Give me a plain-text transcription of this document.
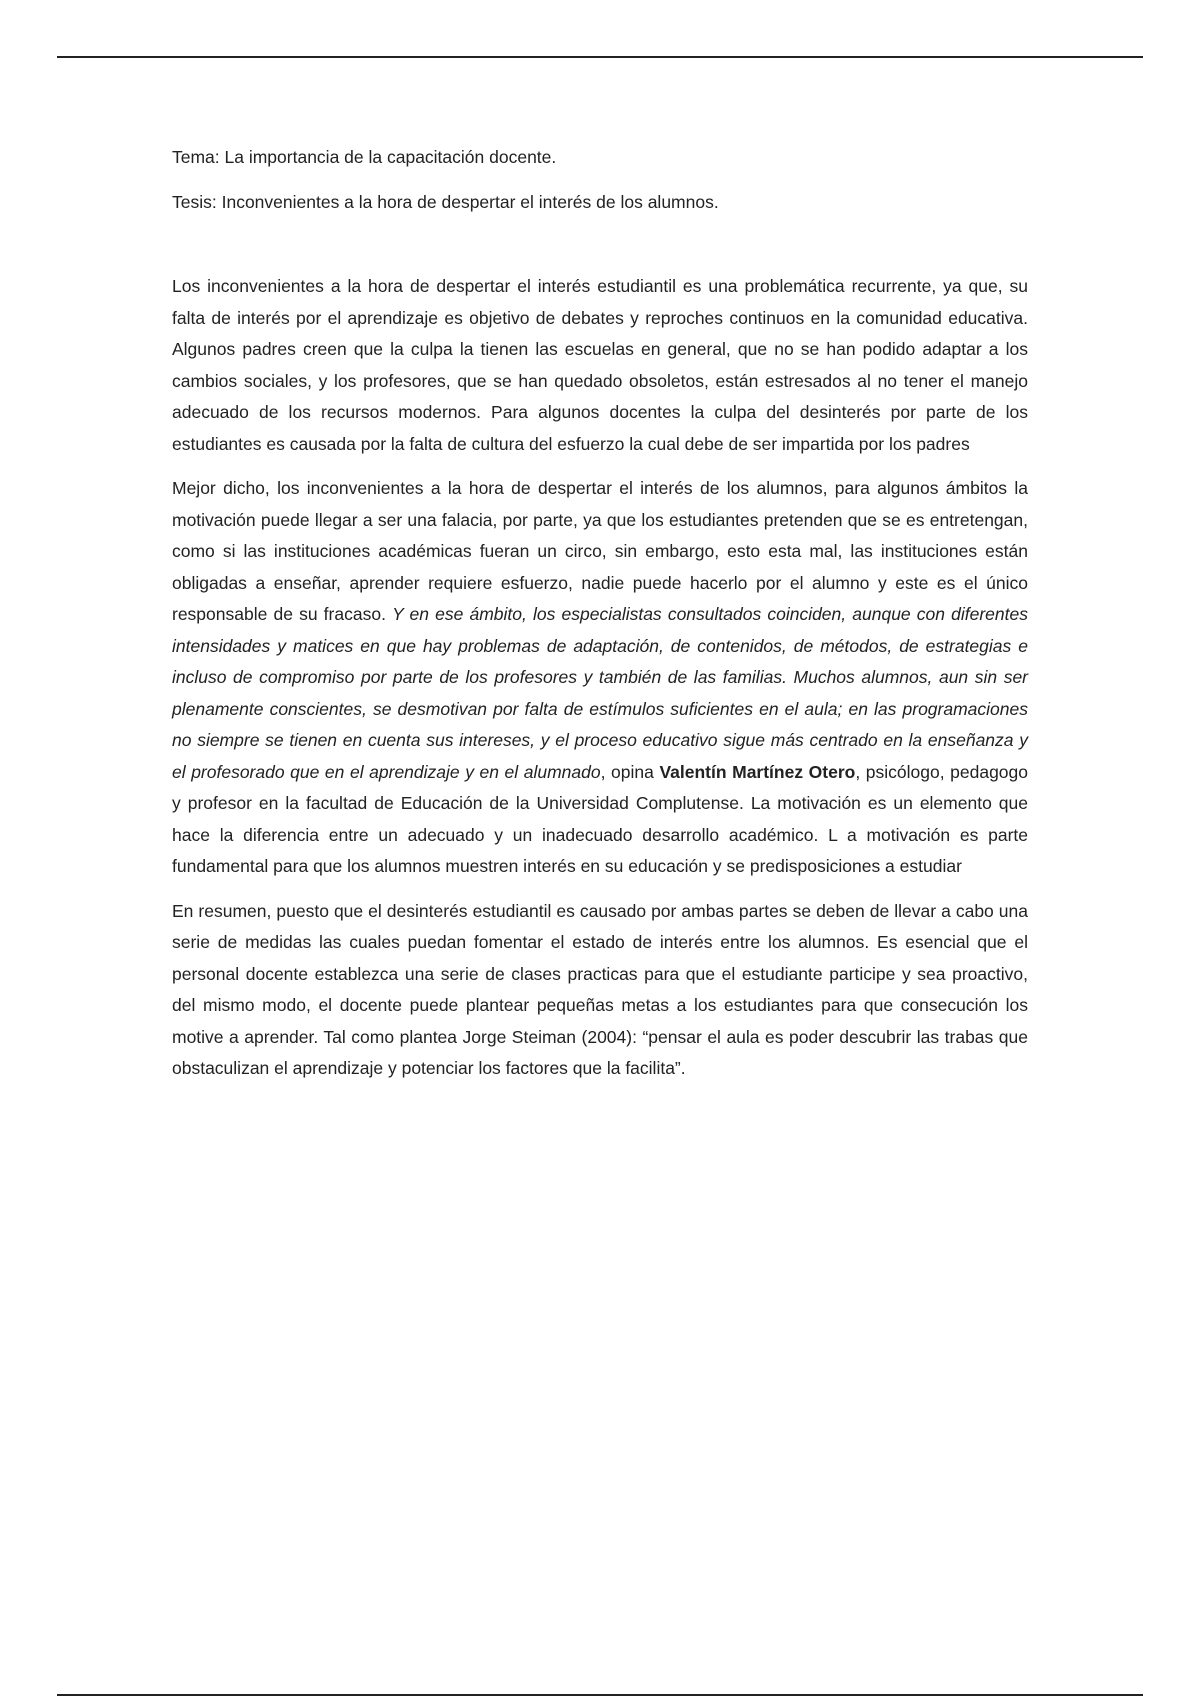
Tema: La importancia de la capacitación docente.

Tesis: Inconvenientes a la hora de despertar el interés de los alumnos.

Los inconvenientes a la hora de despertar el interés estudiantil es una problemática recurrente, ya que, su falta de interés por el aprendizaje es objetivo de debates y reproches continuos en la comunidad educativa. Algunos padres creen que la culpa la tienen las escuelas en general, que no se han podido adaptar a los cambios sociales, y los profesores, que se han quedado obsoletos, están estresados al no tener el manejo adecuado de los recursos modernos. Para algunos docentes la culpa del desinterés por parte de los estudiantes es causada por la falta de cultura del esfuerzo la cual debe de ser impartida por los padres

Mejor dicho, los inconvenientes a la hora de despertar el interés de los alumnos, para algunos ámbitos la motivación puede llegar a ser una falacia, por parte, ya que los estudiantes pretenden que se es entretengan, como si las instituciones académicas fueran un circo, sin embargo, esto esta mal, las instituciones están obligadas a enseñar, aprender requiere esfuerzo, nadie puede hacerlo por el alumno y este es el único responsable de su fracaso. Y en ese ámbito, los especialistas consultados coinciden, aunque con diferentes intensidades y matices en que hay problemas de adaptación, de contenidos, de métodos, de estrategias e incluso de compromiso por parte de los profesores y también de las familias. Muchos alumnos, aun sin ser plenamente conscientes, se desmotivan por falta de estímulos suficientes en el aula; en las programaciones no siempre se tienen en cuenta sus intereses, y el proceso educativo sigue más centrado en la enseñanza y el profesorado que en el aprendizaje y en el alumnado, opina Valentín Martínez Otero, psicólogo, pedagogo y profesor en la facultad de Educación de la Universidad Complutense. La motivación es un elemento que hace la diferencia entre un adecuado y un inadecuado desarrollo académico. L a motivación es parte fundamental para que los alumnos muestren interés en su educación y se predisposiciones a estudiar

En resumen, puesto que el desinterés estudiantil es causado por ambas partes se deben de llevar a cabo una serie de medidas las cuales puedan fomentar el estado de interés entre los alumnos. Es esencial que el personal docente establezca una serie de clases practicas para que el estudiante participe y sea proactivo, del mismo modo, el docente puede plantear pequeñas metas a los estudiantes para que consecución los motive a aprender. Tal como plantea Jorge Steiman (2004): “pensar el aula es poder descubrir las trabas que obstaculizan el aprendizaje y potenciar los factores que la facilita”.
